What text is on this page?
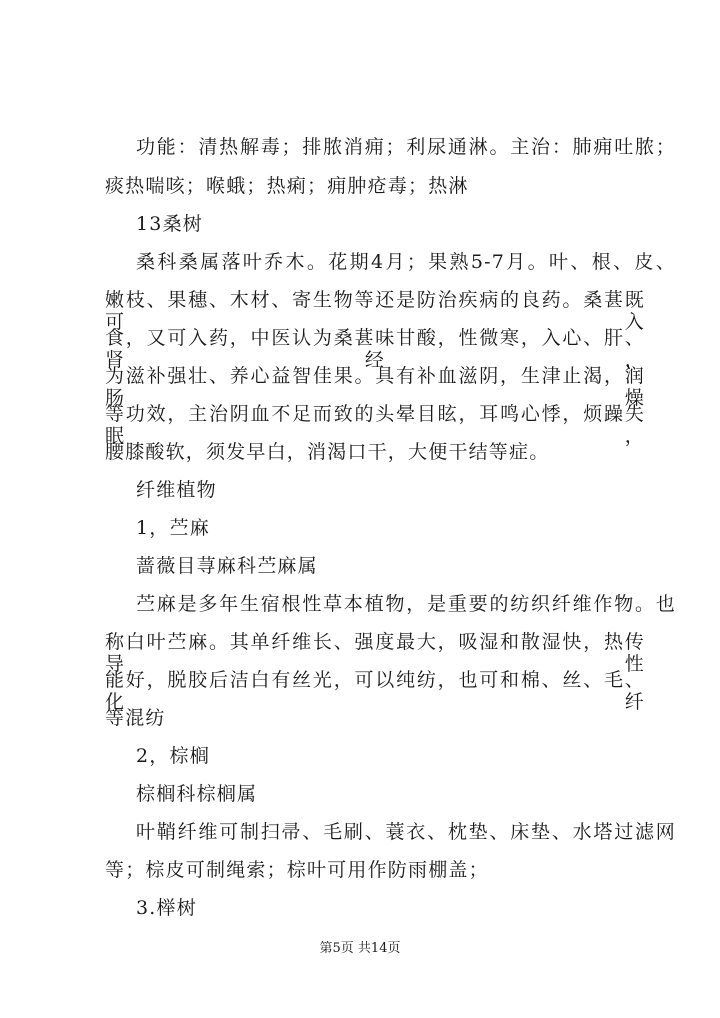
功能：清热解毒；排脓消痈；利尿通淋。主治：肺痈吐脓；
痰热喘咳；喉蛾；热痢；痈肿疮毒；热淋
13桑树
桑科桑属落叶乔木。花期4月；果熟5-7月。叶、根、皮、
嫩枝、果穗、木材、寄生物等还是防治疾病的良药。桑葚既可入
食，又可入药，中医认为桑葚味甘酸，性微寒，入心、肝、肾经，
为滋补强壮、养心益智佳果。具有补血滋阴，生津止渴，润肠燥
等功效，主治阴血不足而致的头晕目眩，耳鸣心悸，烦躁失眠，
腰膝酸软，须发早白，消渴口干，大便干结等症。
纤维植物
1，苎麻
蔷薇目荨麻科苎麻属
苎麻是多年生宿根性草本植物，是重要的纺织纤维作物。也
称白叶苎麻。其单纤维长、强度最大，吸湿和散湿快，热传导性
能好，脱胶后洁白有丝光，可以纯纺，也可和棉、丝、毛、化纤
等混纺
2，棕榈
棕榈科棕榈属
叶鞘纤维可制扫帚、毛刷、蓑衣、枕垫、床垫、水塔过滤网
等；棕皮可制绳索；棕叶可用作防雨棚盖；
3.榉树
第5页 共14页
